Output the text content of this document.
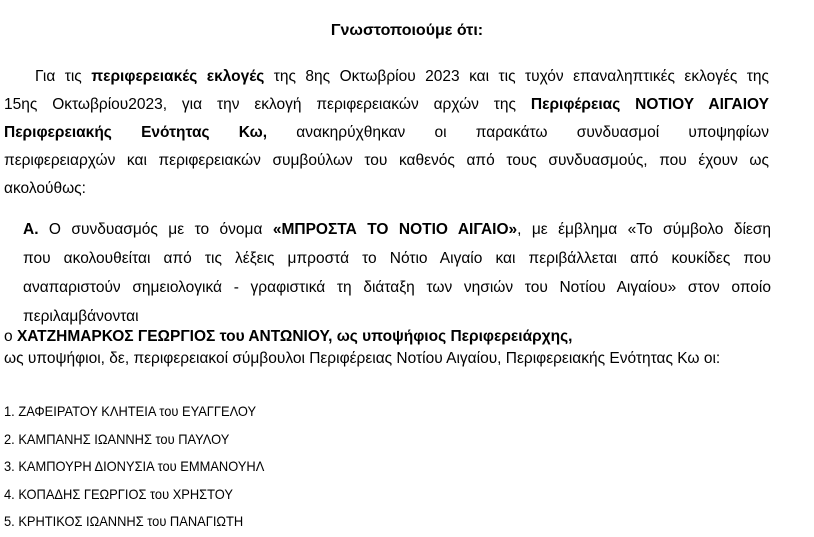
Γνωστοποιούμε ότι:
Για τις περιφερειακές εκλογές της 8ης Οκτωβρίου 2023 και τις τυχόν επαναληπτικές εκλογές της
15ης Οκτωβρίου2023, για την εκλογή περιφερειακών αρχών της Περιφέρειας ΝΟΤΙΟΥ ΑΙΓΑΙΟΥ
Περιφερειακής Ενότητας Κω, ανακηρύχθηκαν οι παρακάτω συνδυασμοί υποψηφίων
περιφερειαρχών και περιφερειακών συμβούλων του καθενός από τους συνδυασμούς, που έχουν ως
ακολούθως:
Α. Ο συνδυασμός με το όνομα «ΜΠΡΟΣΤΑ ΤΟ ΝΟΤΙΟ ΑΙΓΑΙΟ», με έμβλημα «Το σύμβολο δίεση
που ακολουθείται από τις λέξεις μπροστά το Νότιο Αιγαίο και περιβάλλεται από κουκίδες που
αναπαριστούν σημειολογικά - γραφιστικά τη διάταξη των νησιών του Νοτίου Αιγαίου» στον οποίο
περιλαμβάνονται
ο ΧΑΤΖΗΜΑΡΚΟΣ ΓΕΩΡΓΙΟΣ του ΑΝΤΩΝΙΟΥ, ως υποψήφιος Περιφερειάρχης,
ως υποψήφιοι, δε, περιφερειακοί σύμβουλοι Περιφέρειας Νοτίου Αιγαίου, Περιφερειακής Ενότητας Κω οι:
1. ΖΑΦΕΙΡΑΤΟΥ ΚΛΗΤΕΙΑ του ΕΥΑΓΓΕΛΟΥ
2. ΚΑΜΠΑΝΗΣ ΙΩΑΝΝΗΣ του ΠΑΥΛΟΥ
3. ΚΑΜΠΟΥΡΗ ΔΙΟΝΥΣΙΑ του ΕΜΜΑΝΟΥΗΛ
4. ΚΟΠΑΔΗΣ ΓΕΩΡΓΙΟΣ του ΧΡΗΣΤΟΥ
5. ΚΡΗΤΙΚΟΣ ΙΩΑΝΝΗΣ του ΠΑΝΑΓΙΩΤΗ
